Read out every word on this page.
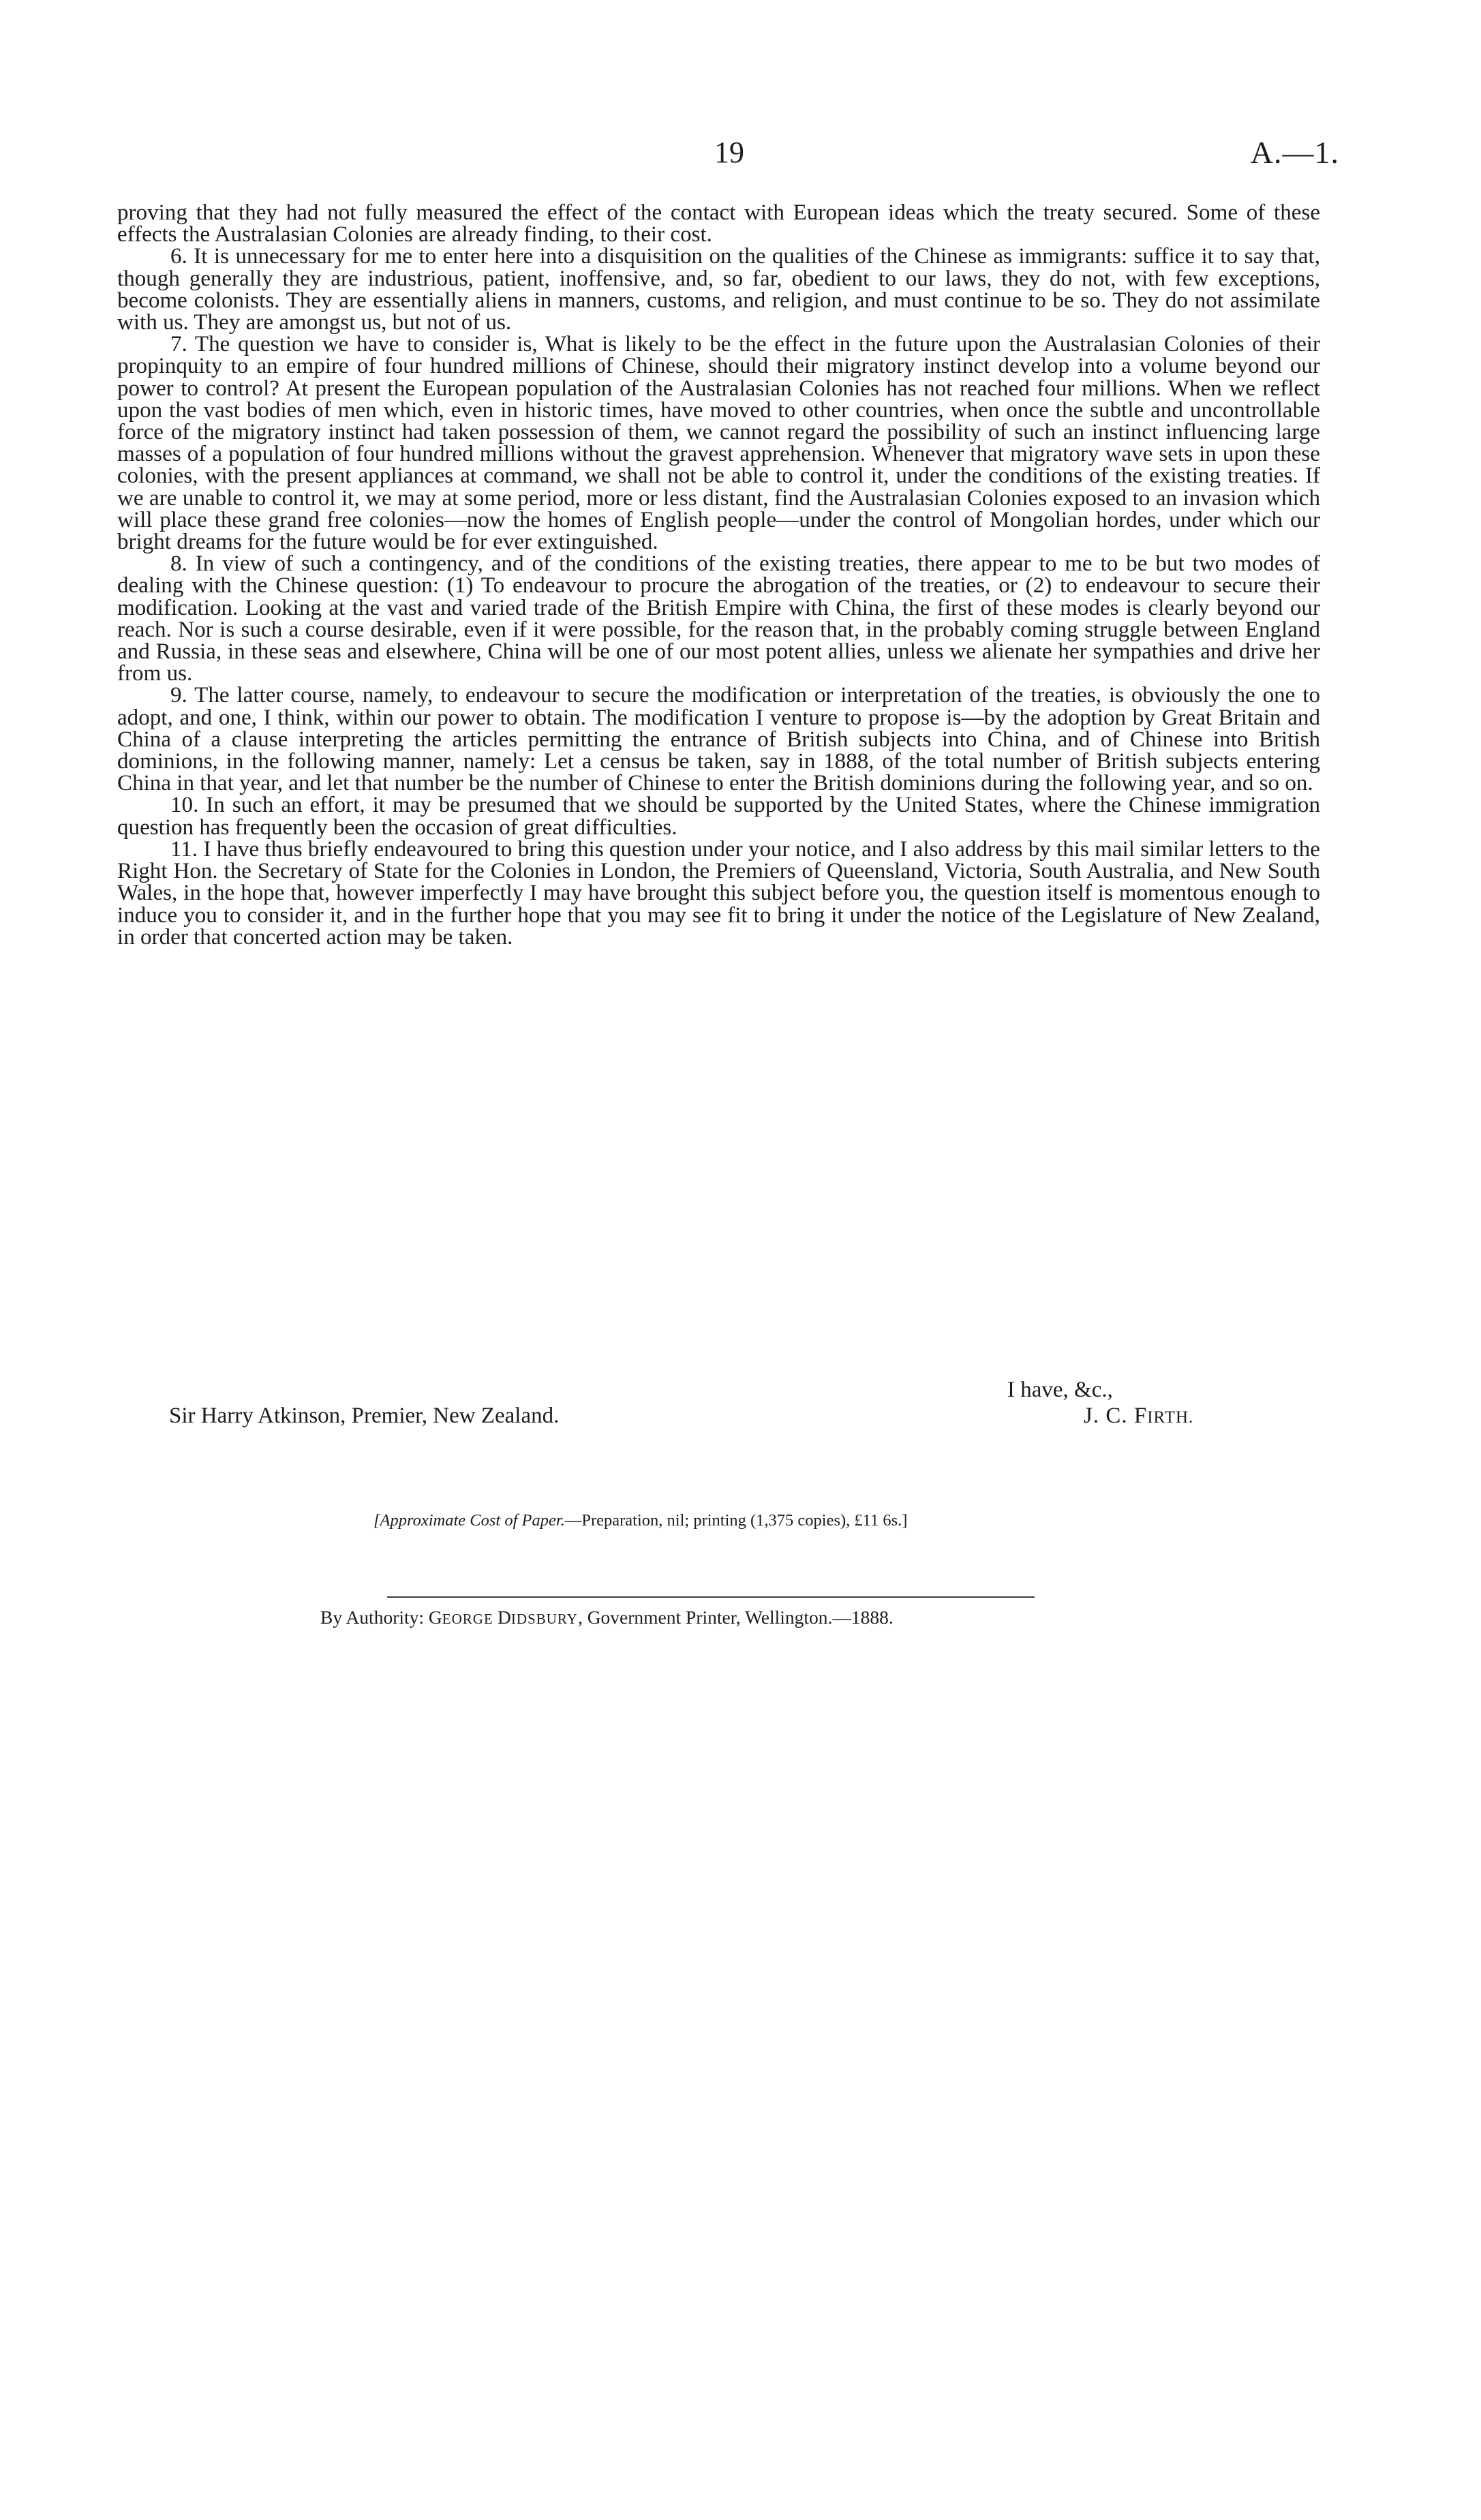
19	A.—1.

proving that they had not fully measured the effect of the contact with European ideas which the treaty secured. Some of these effects the Australasian Colonies are already finding, to their cost.

6. It is unnecessary for me to enter here into a disquisition on the qualities of the Chinese as immigrants: suffice it to say that, though generally they are industrious, patient, inoffensive, and, so far, obedient to our laws, they do not, with few exceptions, become colonists. They are essentially aliens in manners, customs, and religion, and must continue to be so. They do not assimilate with us. They are amongst us, but not of us.

7. The question we have to consider is, What is likely to be the effect in the future upon the Australasian Colonies of their propinquity to an empire of four hundred millions of Chinese, should their migratory instinct develop into a volume beyond our power to control? At present the European population of the Australasian Colonies has not reached four millions. When we reflect upon the vast bodies of men which, even in historic times, have moved to other countries, when once the subtle and uncontrollable force of the migratory instinct had taken possession of them, we cannot regard the possibility of such an instinct influencing large masses of a population of four hundred millions without the gravest apprehension. Whenever that migratory wave sets in upon these colonies, with the present appliances at command, we shall not be able to control it, under the conditions of the existing treaties. If we are unable to control it, we may at some period, more or less distant, find the Australasian Colonies exposed to an invasion which will place these grand free colonies—now the homes of English people—under the control of Mongolian hordes, under which our bright dreams for the future would be for ever extinguished.

8. In view of such a contingency, and of the conditions of the existing treaties, there appear to me to be but two modes of dealing with the Chinese question: (1) To endeavour to procure the abrogation of the treaties, or (2) to endeavour to secure their modification. Looking at the vast and varied trade of the British Empire with China, the first of these modes is clearly beyond our reach. Nor is such a course desirable, even if it were possible, for the reason that, in the probably coming struggle between England and Russia, in these seas and elsewhere, China will be one of our most potent allies, unless we alienate her sympathies and drive her from us.

9. The latter course, namely, to endeavour to secure the modification or interpretation of the treaties, is obviously the one to adopt, and one, I think, within our power to obtain. The modification I venture to propose is—by the adoption by Great Britain and China of a clause interpreting the articles permitting the entrance of British subjects into China, and of Chinese into British dominions, in the following manner, namely: Let a census be taken, say in 1888, of the total number of British subjects entering China in that year, and let that number be the number of Chinese to enter the British dominions during the following year, and so on.

10. In such an effort, it may be presumed that we should be supported by the United States, where the Chinese immigration question has frequently been the occasion of great difficulties.

11. I have thus briefly endeavoured to bring this question under your notice, and I also address by this mail similar letters to the Right Hon. the Secretary of State for the Colonies in London, the Premiers of Queensland, Victoria, South Australia, and New South Wales, in the hope that, however imperfectly I may have brought this subject before you, the question itself is momentous enough to induce you to consider it, and in the further hope that you may see fit to bring it under the notice of the Legislature of New Zealand, in order that concerted action may be taken.

I have, &c.,
Sir Harry Atkinson, Premier, New Zealand.	J. C. FIRTH.
[Approximate Cost of Paper.—Preparation, nil; printing (1,375 copies), £11 6s.]
By Authority: GEORGE DIDSBURY, Government Printer, Wellington.—1888.
